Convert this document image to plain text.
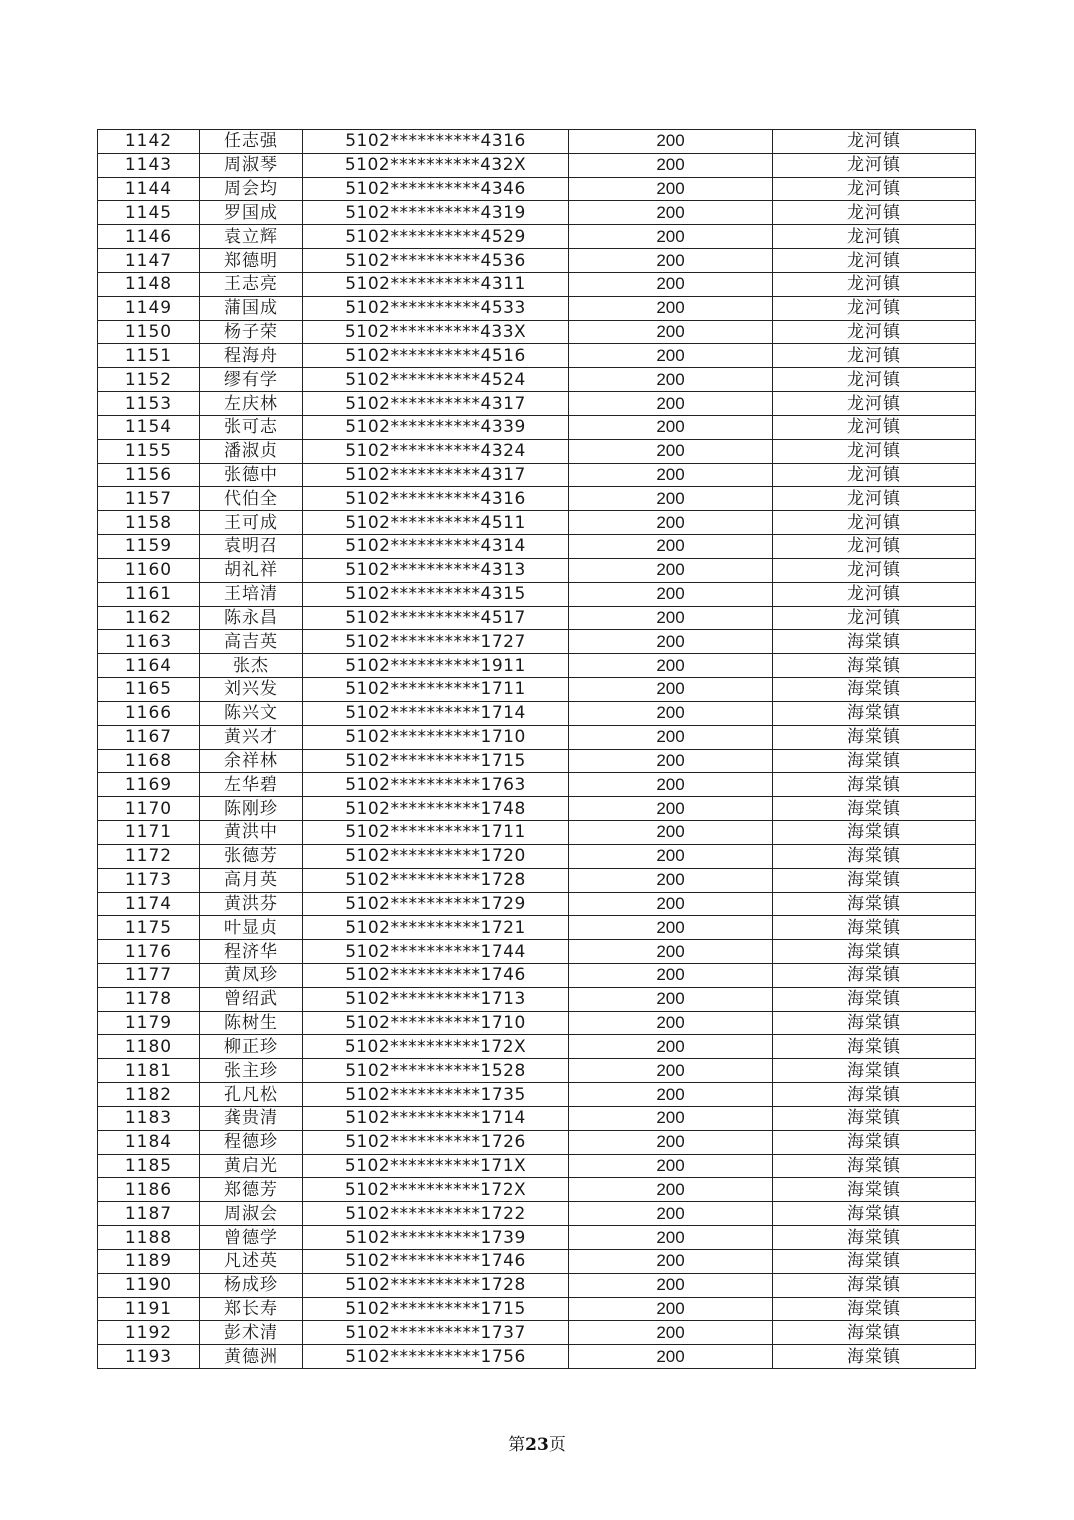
1142	任志强	5102**********4316	200	龙河镇
1143	周淑琴	5102**********432X	200	龙河镇
1144	周会均	5102**********4346	200	龙河镇
1145	罗国成	5102**********4319	200	龙河镇
1146	袁立辉	5102**********4529	200	龙河镇
1147	郑德明	5102**********4536	200	龙河镇
1148	王志亮	5102**********4311	200	龙河镇
1149	蒲国成	5102**********4533	200	龙河镇
1150	杨子荣	5102**********433X	200	龙河镇
1151	程海舟	5102**********4516	200	龙河镇
1152	缪有学	5102**********4524	200	龙河镇
1153	左庆林	5102**********4317	200	龙河镇
1154	张可志	5102**********4339	200	龙河镇
1155	潘淑贞	5102**********4324	200	龙河镇
1156	张德中	5102**********4317	200	龙河镇
1157	代伯全	5102**********4316	200	龙河镇
1158	王可成	5102**********4511	200	龙河镇
1159	袁明召	5102**********4314	200	龙河镇
1160	胡礼祥	5102**********4313	200	龙河镇
1161	王培清	5102**********4315	200	龙河镇
1162	陈永昌	5102**********4517	200	龙河镇
1163	高吉英	5102**********1727	200	海棠镇
1164	张杰	5102**********1911	200	海棠镇
1165	刘兴发	5102**********1711	200	海棠镇
1166	陈兴文	5102**********1714	200	海棠镇
1167	黄兴才	5102**********1710	200	海棠镇
1168	余祥林	5102**********1715	200	海棠镇
1169	左华碧	5102**********1763	200	海棠镇
1170	陈刚珍	5102**********1748	200	海棠镇
1171	黄洪中	5102**********1711	200	海棠镇
1172	张德芳	5102**********1720	200	海棠镇
1173	高月英	5102**********1728	200	海棠镇
1174	黄洪芬	5102**********1729	200	海棠镇
1175	叶显贞	5102**********1721	200	海棠镇
1176	程济华	5102**********1744	200	海棠镇
1177	黄凤珍	5102**********1746	200	海棠镇
1178	曾绍武	5102**********1713	200	海棠镇
1179	陈树生	5102**********1710	200	海棠镇
1180	柳正珍	5102**********172X	200	海棠镇
1181	张主珍	5102**********1528	200	海棠镇
1182	孔凡松	5102**********1735	200	海棠镇
1183	龚贵清	5102**********1714	200	海棠镇
1184	程德珍	5102**********1726	200	海棠镇
1185	黄启光	5102**********171X	200	海棠镇
1186	郑德芳	5102**********172X	200	海棠镇
1187	周淑会	5102**********1722	200	海棠镇
1188	曾德学	5102**********1739	200	海棠镇
1189	凡述英	5102**********1746	200	海棠镇
1190	杨成珍	5102**********1728	200	海棠镇
1191	郑长寿	5102**********1715	200	海棠镇
1192	彭术清	5102**********1737	200	海棠镇
1193	黄德洲	5102**********1756	200	海棠镇
第23页
